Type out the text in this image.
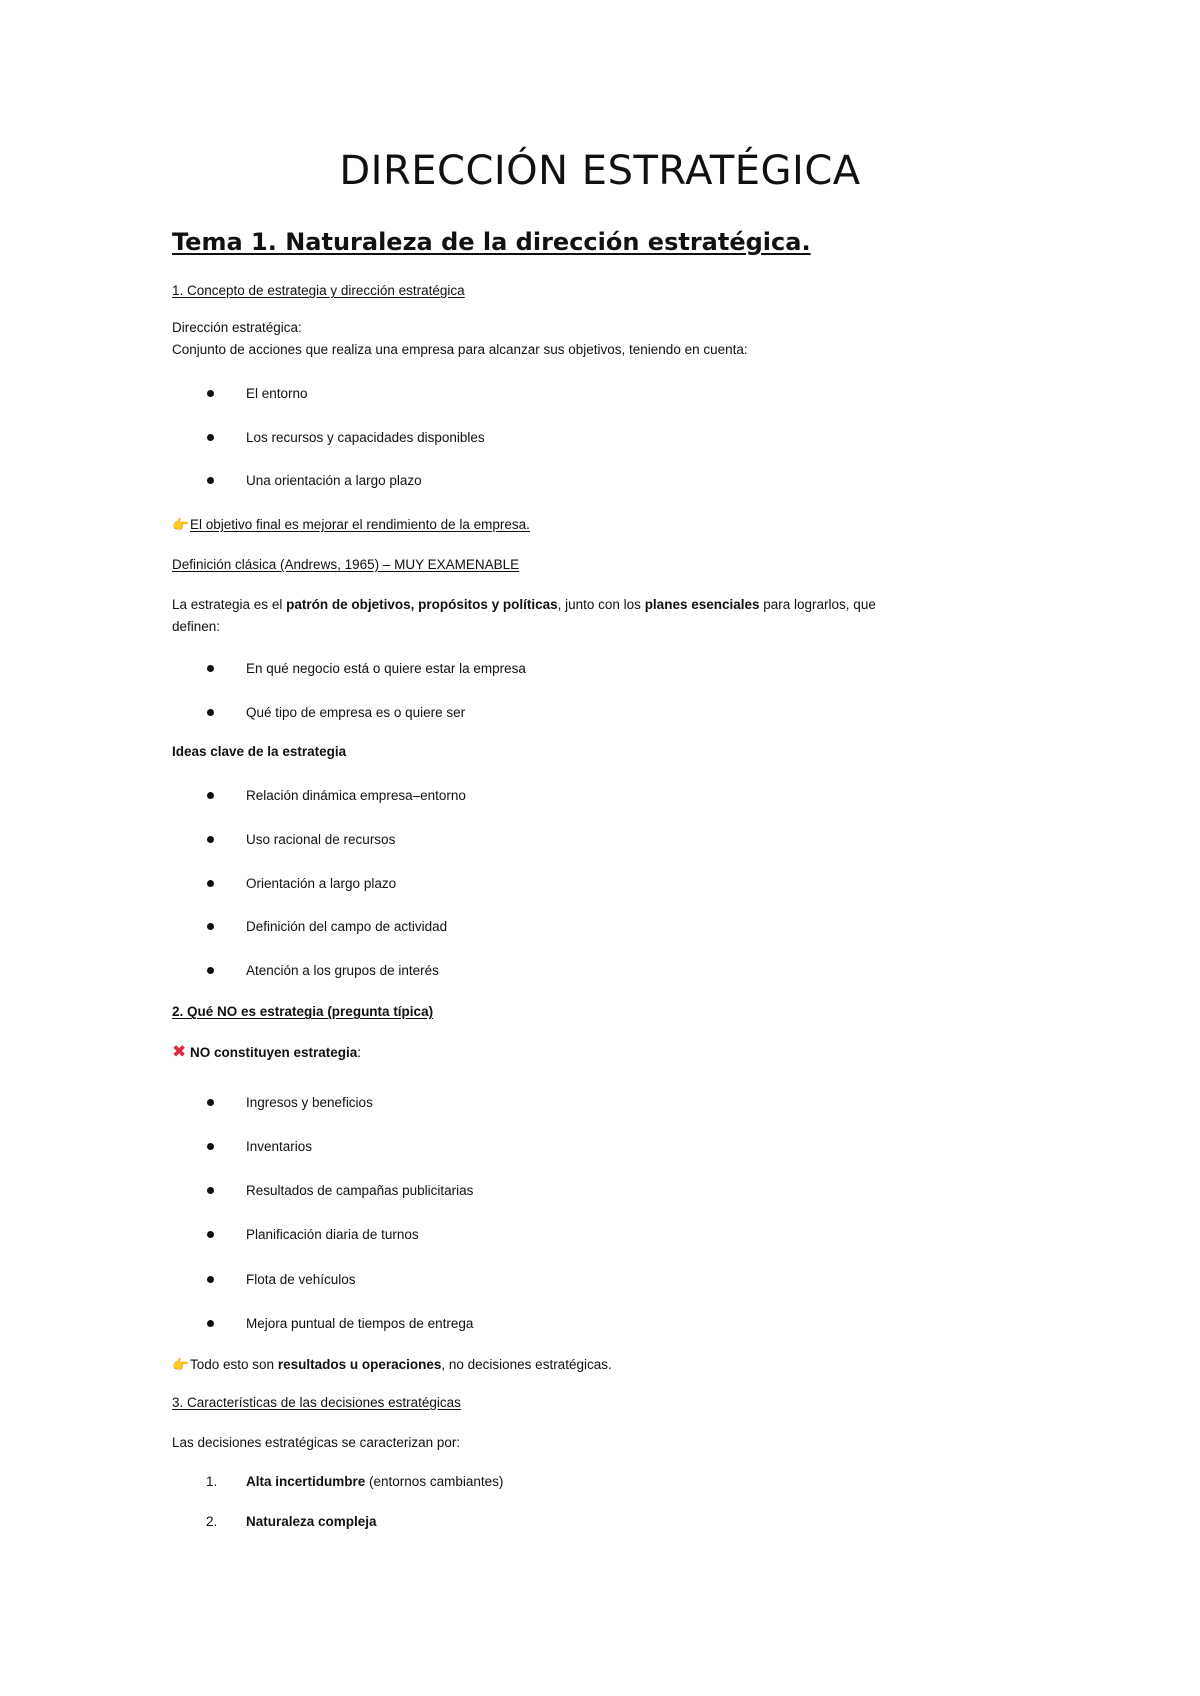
DIRECCIÓN ESTRATÉGICA
Tema 1. Naturaleza de la dirección estratégica.

1. Concepto de estrategia y dirección estratégica

Dirección estratégica:

Conjunto de acciones que realiza una empresa para alcanzar sus objetivos, teniendo en cuenta:

El entorno
Los recursos y capacidades disponibles
Una orientación a largo plazo

👉El objetivo final es mejorar el rendimiento de la empresa.

Definición clásica (Andrews, 1965) – MUY EXAMENABLE

La estrategia es el patrón de objetivos, propósitos y políticas, junto con los planes esenciales para lograrlos, que

definen:

En qué negocio está o quiere estar la empresa
Qué tipo de empresa es o quiere ser

Ideas clave de la estrategia

Relación dinámica empresa–entorno
Uso racional de recursos
Orientación a largo plazo
Definición del campo de actividad
Atención a los grupos de interés

2. Qué NO es estrategia (pregunta típica)

✖ NO constituyen estrategia:

Ingresos y beneficios
Inventarios
Resultados de campañas publicitarias
Planificación diaria de turnos
Flota de vehículos
Mejora puntual de tiempos de entrega

👉Todo esto son resultados u operaciones, no decisiones estratégicas.

3. Características de las decisiones estratégicas

Las decisiones estratégicas se caracterizan por:

1. Alta incertidumbre (entornos cambiantes)
2. Naturaleza compleja
